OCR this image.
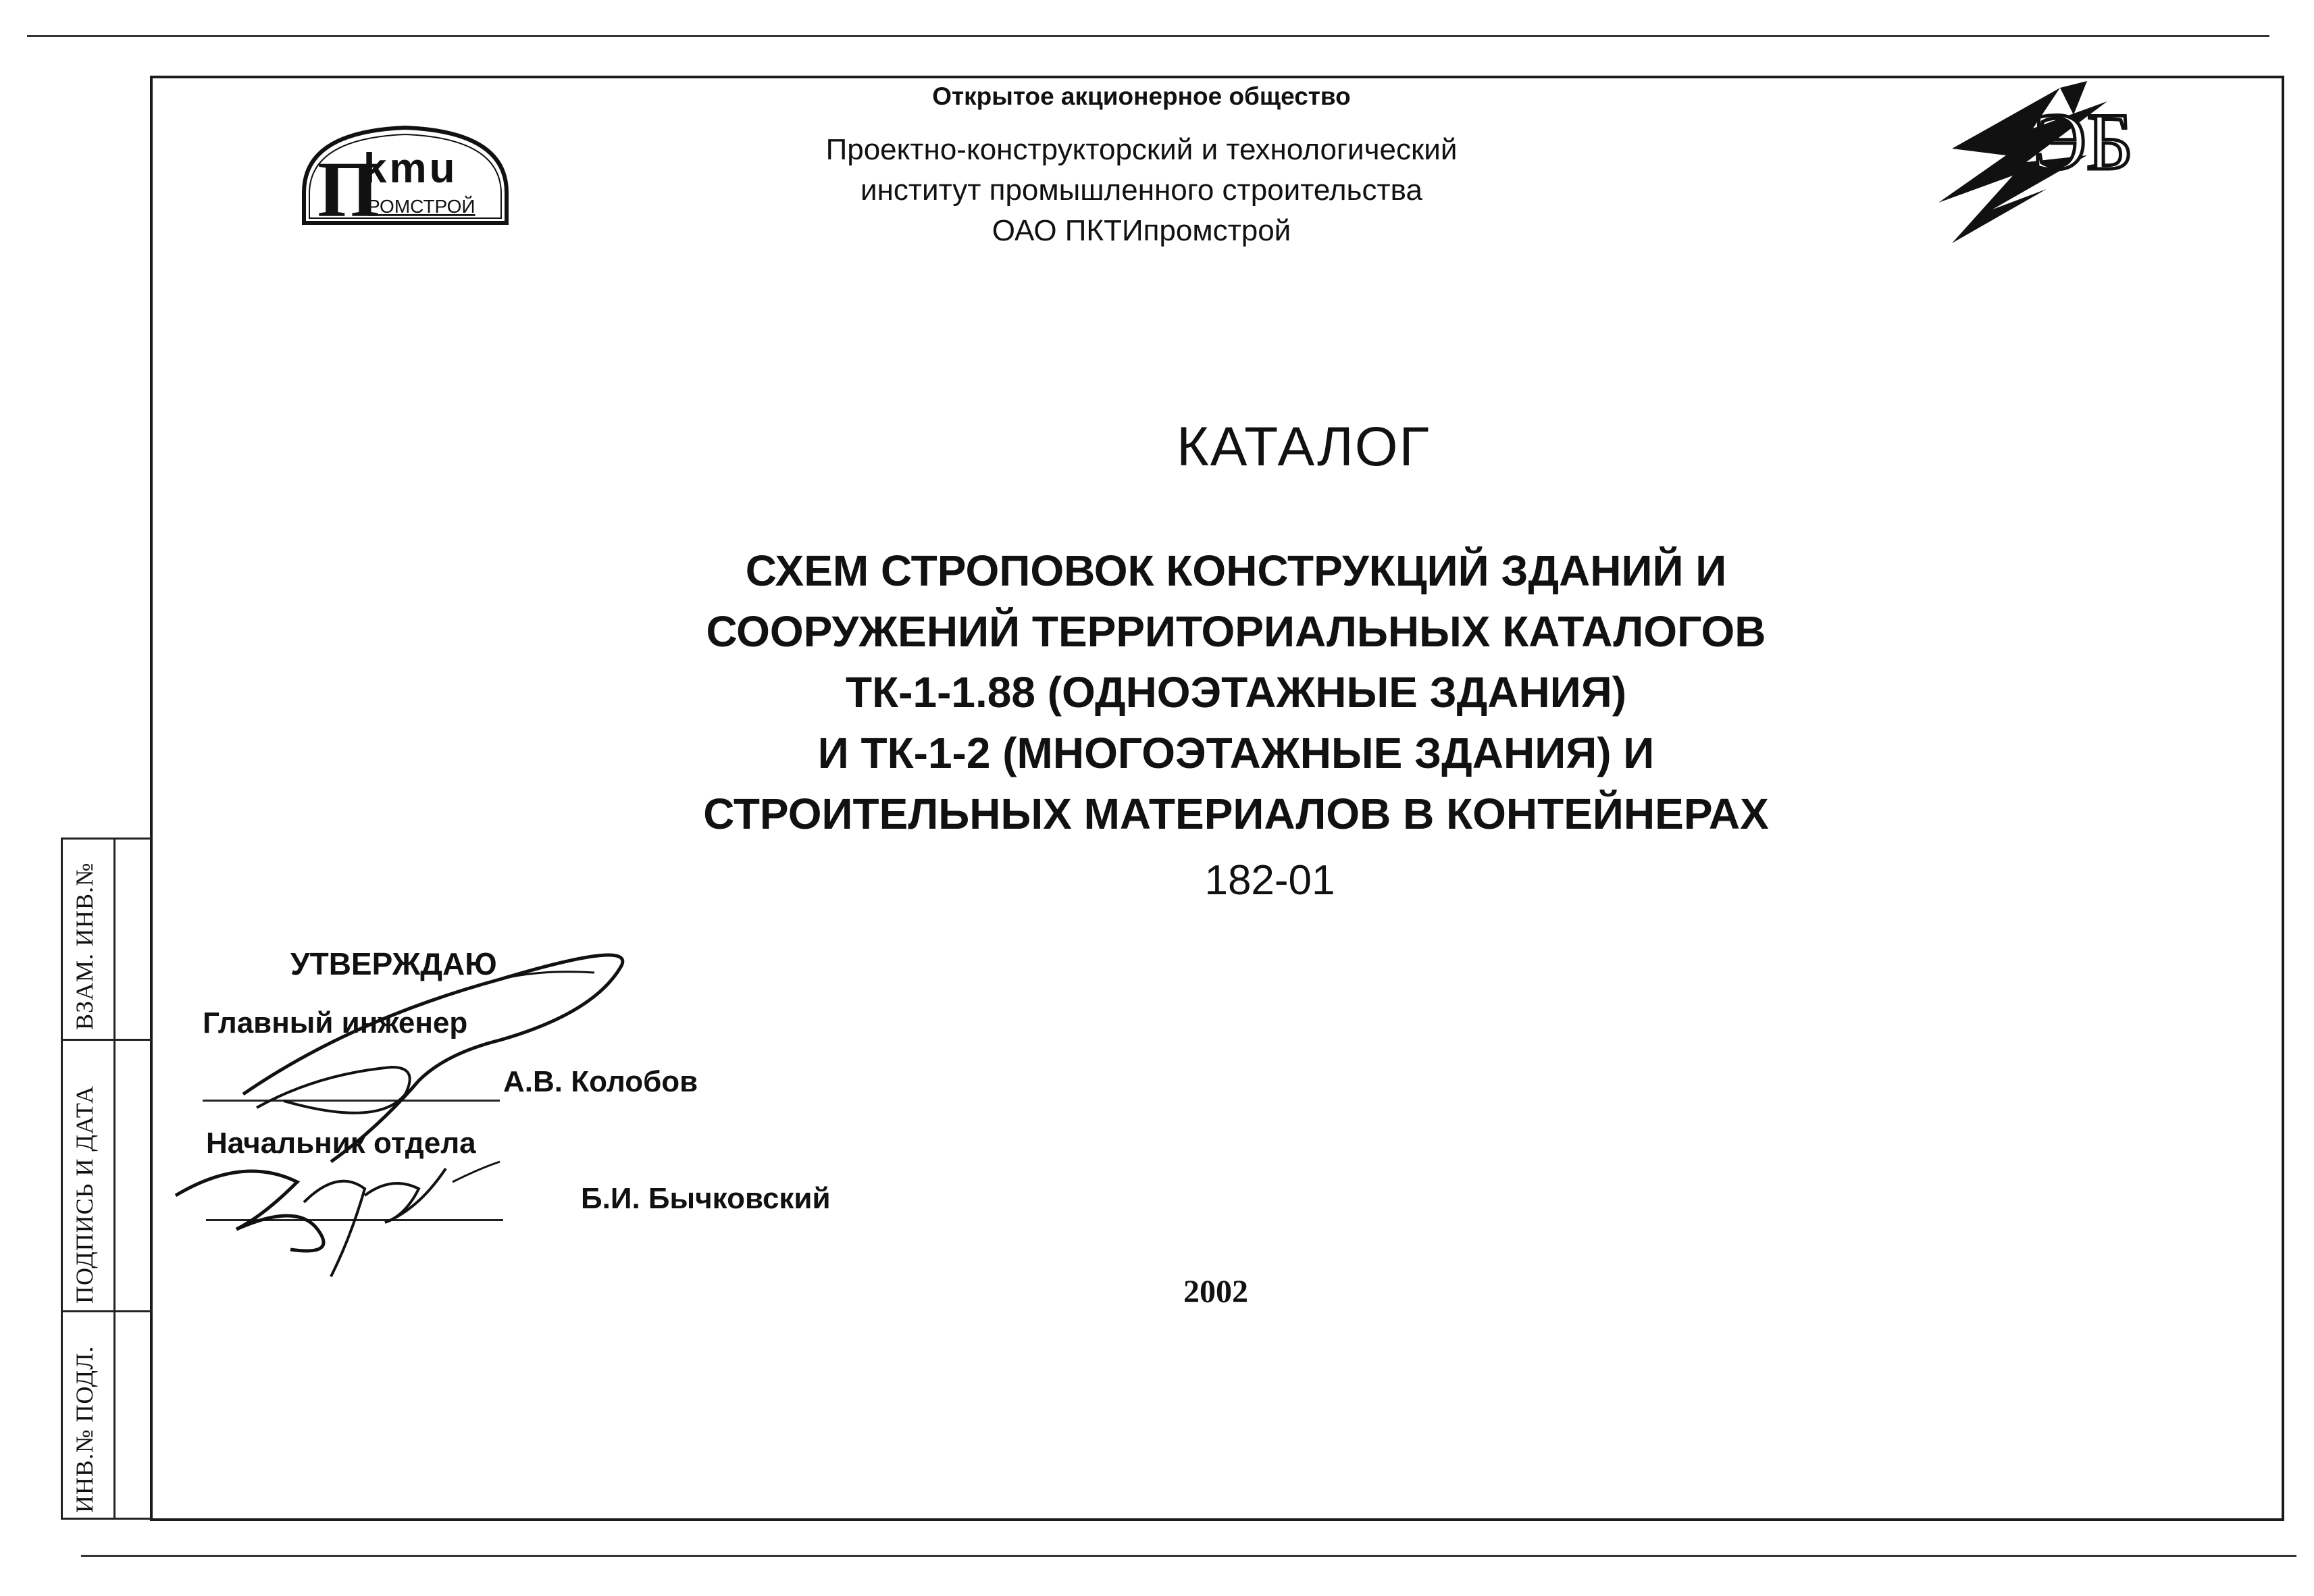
П
kmu
РОМСТРОЙ
ЭБ
Открытое акционерное общество
Проектно-конструкторский и технологический
институт промышленного строительства
ОАО ПКТИпромстрой
КАТАЛОГ
СХЕМ СТРОПОВОК КОНСТРУКЦИЙ ЗДАНИЙ И
СООРУЖЕНИЙ ТЕРРИТОРИАЛЬНЫХ КАТАЛОГОВ
ТК-1-1.88 (ОДНОЭТАЖНЫЕ ЗДАНИЯ)
И ТК-1-2 (МНОГОЭТАЖНЫЕ ЗДАНИЯ) И
СТРОИТЕЛЬНЫХ МАТЕРИАЛОВ В КОНТЕЙНЕРАХ
182-01
УТВЕРЖДАЮ
Главный инженер
А.В. Колобов
Начальник отдела
Б.И. Бычковский
2002
ВЗАМ. ИНВ.№
ПОДПИСЬ И ДАТА
ИНВ.№ ПОДЛ.
